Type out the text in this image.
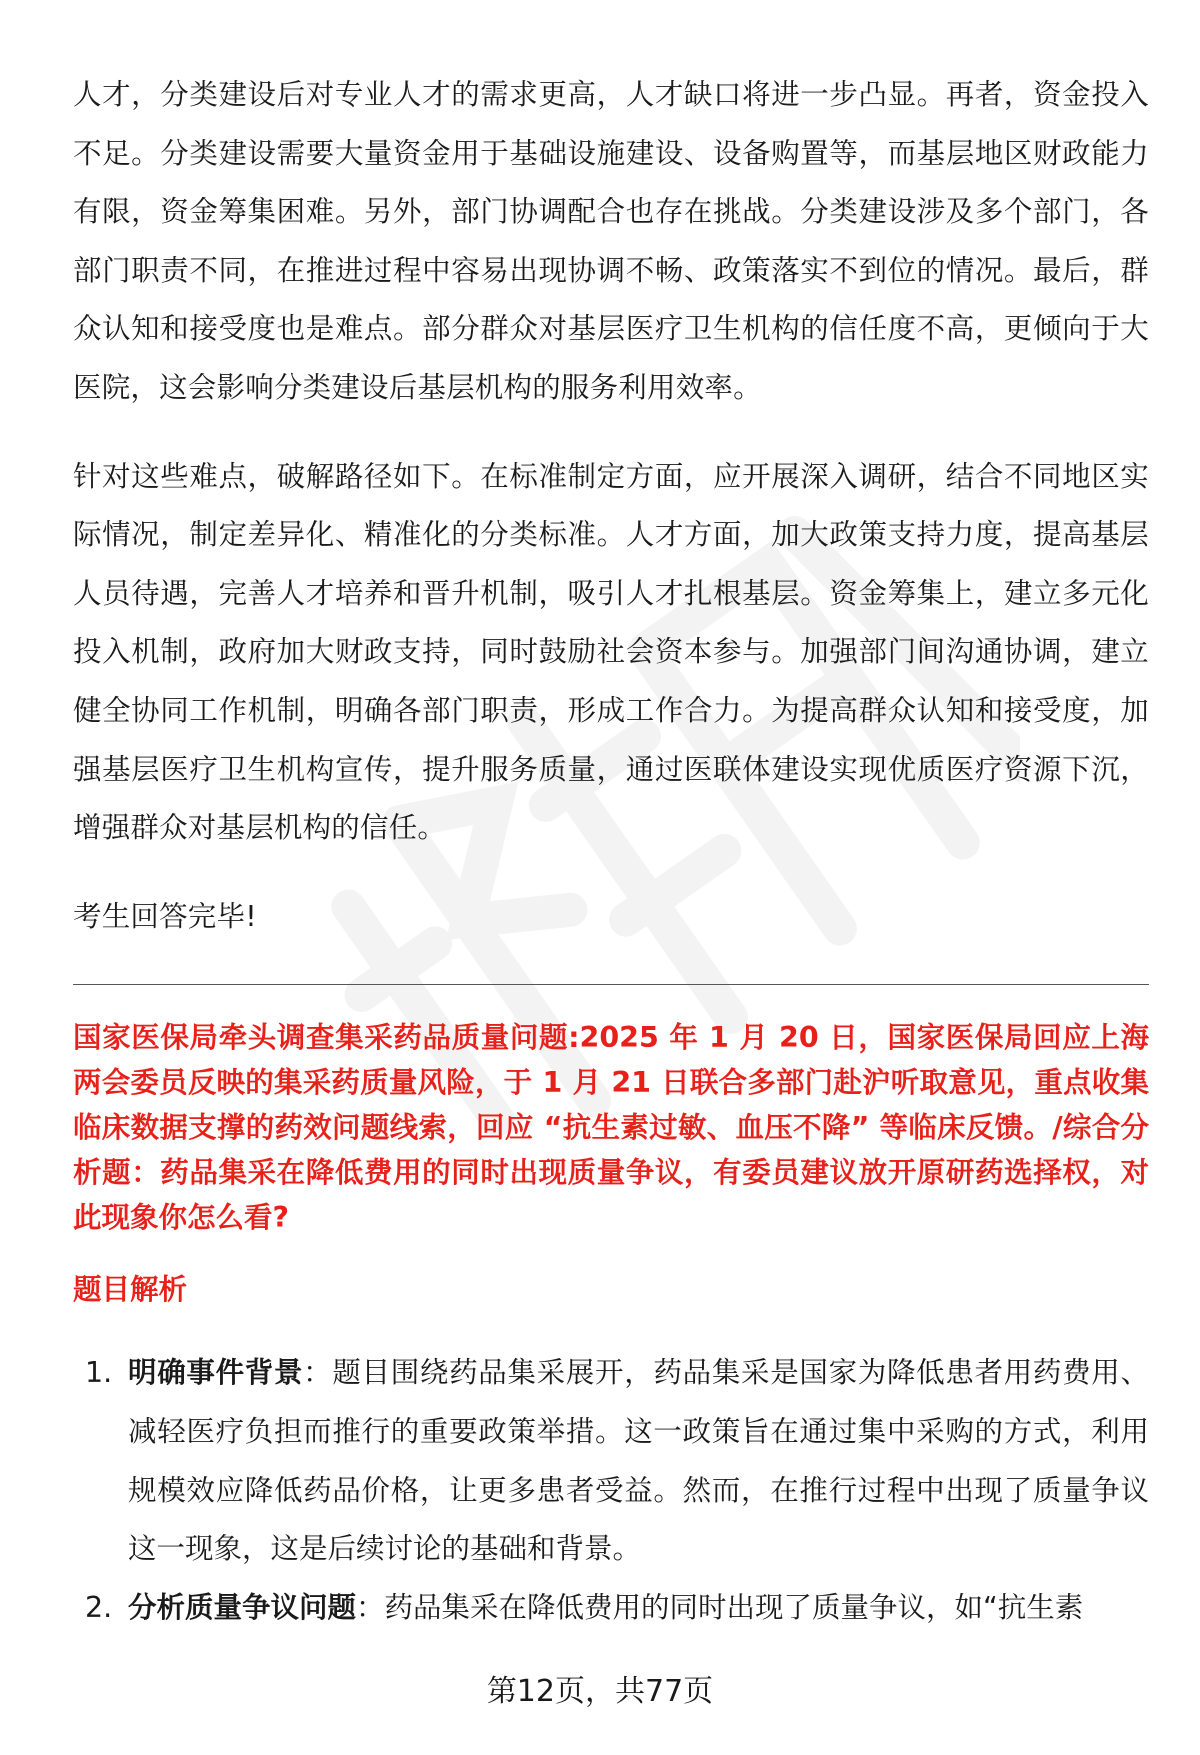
人才，分类建设后对专业人才的需求更高，人才缺口将进一步凸显。再者，资金投入不足。分类建设需要大量资金用于基础设施建设、设备购置等，而基层地区财政能力有限，资金筹集困难。另外，部门协调配合也存在挑战。分类建设涉及多个部门，各部门职责不同，在推进过程中容易出现协调不畅、政策落实不到位的情况。最后，群众认知和接受度也是难点。部分群众对基层医疗卫生机构的信任度不高，更倾向于大医院，这会影响分类建设后基层机构的服务利用效率。

针对这些难点，破解路径如下。在标准制定方面，应开展深入调研，结合不同地区实际情况，制定差异化、精准化的分类标准。人才方面，加大政策支持力度，提高基层人员待遇，完善人才培养和晋升机制，吸引人才扎根基层。资金筹集上，建立多元化投入机制，政府加大财政支持，同时鼓励社会资本参与。加强部门间沟通协调，建立健全协同工作机制，明确各部门职责，形成工作合力。为提高群众认知和接受度，加强基层医疗卫生机构宣传，提升服务质量，通过医联体建设实现优质医疗资源下沉，增强群众对基层机构的信任。

考生回答完毕!

国家医保局牵头调查集采药品质量问题:2025 年 1 月 20 日，国家医保局回应上海两会委员反映的集采药质量风险，于 1 月 21 日联合多部门赴沪听取意见，重点收集临床数据支撑的药效问题线索，回应 “抗生素过敏、血压不降” 等临床反馈。/综合分析题：药品集采在降低费用的同时出现质量争议，有委员建议放开原研药选择权，对此现象你怎么看?

题目解析

1. 明确事件背景：题目围绕药品集采展开，药品集采是国家为降低患者用药费用、减轻医疗负担而推行的重要政策举措。这一政策旨在通过集中采购的方式，利用规模效应降低药品价格，让更多患者受益。然而，在推行过程中出现了质量争议这一现象，这是后续讨论的基础和背景。
2. 分析质量争议问题：药品集采在降低费用的同时出现了质量争议，如“抗生素
第12页，共77页
